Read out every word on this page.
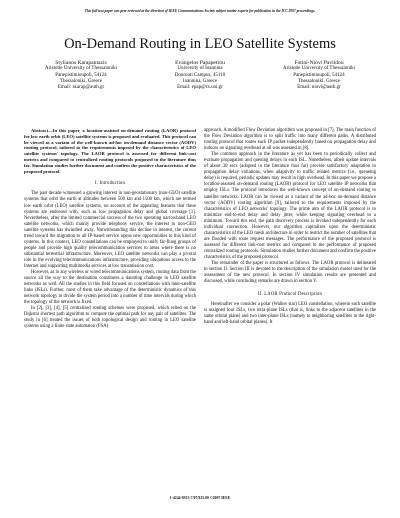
This full text paper was peer reviewed at the direction of IEEE Communications Society subject matter experts for publication in the ICC 2007 proceedings.
On-Demand Routing in LEO Satellite Systems
Stylianos Karapantazis
Aristotle University of Thessaloniki
Panepistimioupoli, 54124
Thessaloniki, Greece
Email: skarap@auth.gr
Evangelos Papapetrou
University of Ioannina
Dourouti Campus, 45110
Ioannina, Greece
Email: epap@cs.uoi.gr
Fotini-Niovi Pavlidou
Aristotle University of Thessaloniki
Panepistimioupoli, 54124
Thessaloniki, Greece
Email: niovi@auth.gr

Abstract—In this paper, a location-assisted on-demand routing (LAOR) protocol for low earth orbit (LEO) satellite systems is proposed and evaluated. This protocol can be viewed as a variant of the well-known ad-hoc on-demand distance vector (AODV) routing protocol, tailored to the requirements imposed by the characteristics of LEO satellite systems' topology. The LAOR protocol is assessed for different link-cost metrics and compared to centralized routing protocols proposed in the literature thus far. Simulation studies further document and confirm the positive characteristics of the proposed protocol.

I. Introduction

The past decade witnessed a growing interest in non-geostationary (non-GEO) satellite systems that orbit the earth at altitudes between 500 km and 1500 km, which are termed low earth orbit (LEO) satellite systems, on account of the appealing features that these systems are endowed with, such as low propagation delay and global coverage [1]. Nevertheless, after the limited commercial success of the two operating narrowband LEO satellite networks, which mainly provide telephony service, the interest in non-GEO satellite systems has dwindled away. Notwithstanding this decline in interest, the current trend toward the migration to all IP-based service opens new opportunities to this kind of systems. In this context, LEO constellations can be employed to unify far-flung groups of people and provide high quality telecommunication services to areas where there is no substantial terrestrial infrastructure. Moreover, LEO satellite networks can play a pivotal role in the evolving telecommunications infrastructure, providing ubiquitous access to the Internet and supporting multimedia services at low transmission cost.

However, as in any wireless or wired telecommunications system, routing data from the source all the way to the destination constitutes a daunting challenge in LEO satellite networks as well. All the studies in this field focused on constellations with inter-satellite links (ISLs). Further, most of them take advantage of the deterministic dynamics of this network topology to divide the system period into a number of time intervals during which the topology of the network is fixed.

In [2], [3], [4], [5] centralized routing schemes were proposed, which relied on the Dijkstra shortest path algorithm to compute the optimal path for any pair of satellites. The study in [6] treated the issues of both topological design and routing in LEO satellite systems using a finite state automaton (FSA)

approach. A modified Flow Deviation algorithm was proposed in [7]. The main function of the Flow Deviation algorithm is to split traffic into many different paths. A distributed routing protocol that routes each IP packet independently based on propagation delay and induces no signaling overhead at all was assessed in [8].

The common approach in the literature as yet has been to periodically collect and evaluate propagation and queuing delays in each ISL. Nonetheless, albeit update intervals of about 30 secs (adopted in the literature thus far) provide satisfactory adaptation to propagation delay variations, when adaptivity to traffic related metrics (i.e., queueing delay) is required, periodic updates may result in high overhead. In this paper we propose a location-assisted on-demand routing (LAOR) protocol for LEO satellite IP networks that employ ISLs. The protocol introduces the well-known concept of on-demand routing to satellite networks. LAOR can be viewed as a variant of the ad-hoc on-demand distance vector (AODV) routing algorithm [9], tailored to the requirements imposed by the characteristics of LEO networks' topology. The prime aim of the LAOR protocol is to minimize end-to-end delay and delay jitter, while keeping signaling overhead to a minimum. Toward this end, the path discovery process is invoked independently for each individual connection. However, our algorithm capitalizes upon the deterministic characteristics of the LEO mesh architecture in order to restrict the number of satellites that are flooded with route request messages. The performance of the proposed protocol is assessed for different link-cost metrics and compared to the performance of proposed centralized routing protocols. Simulation studies further document and confirm the positive characteristics of the proposed protocol.

The remainder of the paper is structured as follows. The LAOR protocol is delineated in section II. Section III is devoted to the description of the simulation model used for the assessment of the new protocol. In section IV simulation results are presented and discussed, while concluding remarks are drawn in section V.

II. LAOR Protocol Description

Hereinafter we consider a polar (Walker star) LEO constellation, wherein each satellite is assigned four ISLs, two intra-plane ISLs (that is, links to the adjacent satellites in the same orbital plane) and two inter-plane ISLs (namely to neighboring satellites in the right-hand and left-hand orbital planes). It

1-4244-0353-7/07/$25.00 ©2007 IEEE
